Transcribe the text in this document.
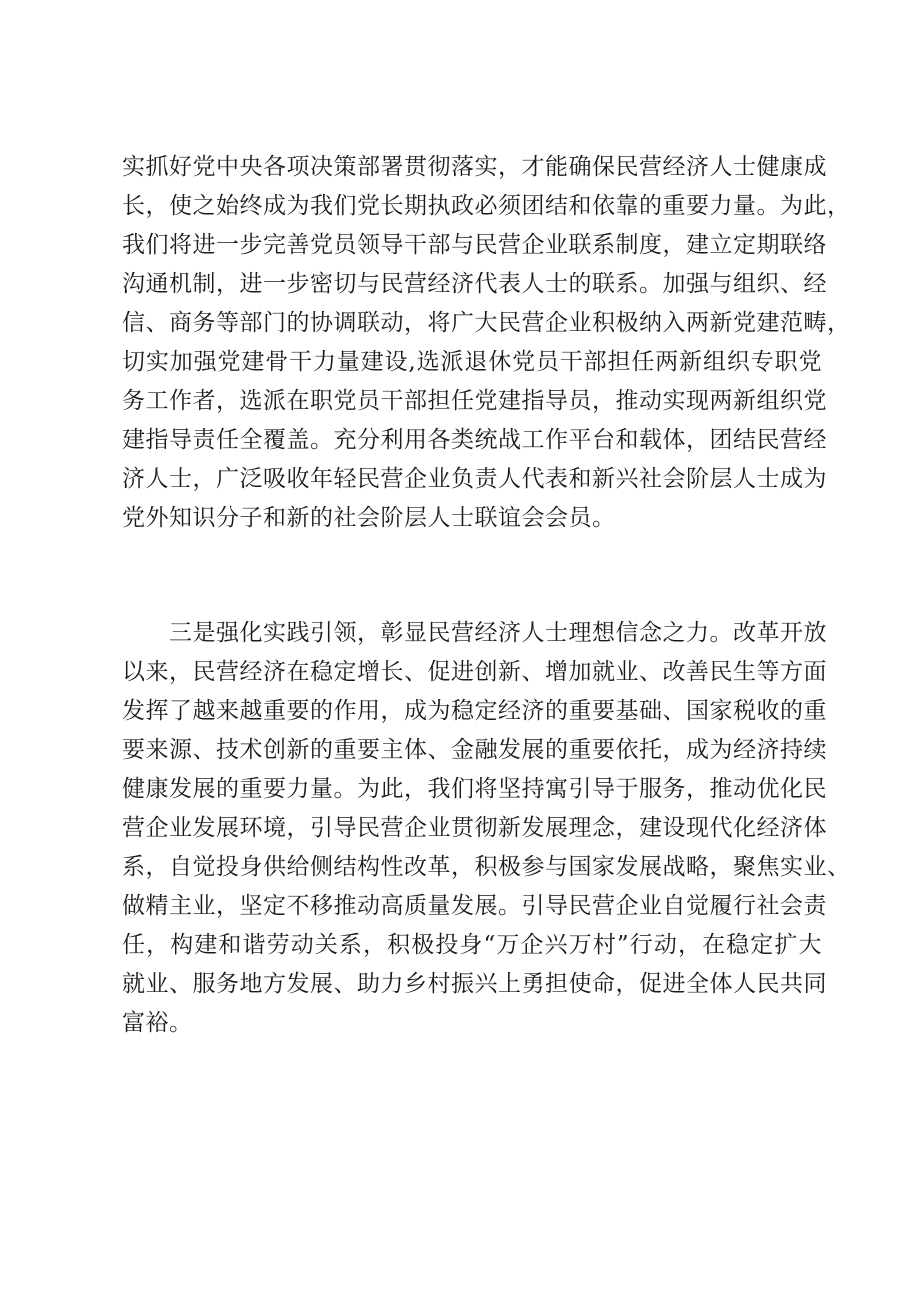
实抓好党中央各项决策部署贯彻落实，才能确保民营经济人士健康成
长，使之始终成为我们党长期执政必须团结和依靠的重要力量。为此，
我们将进一步完善党员领导干部与民营企业联系制度，建立定期联络
沟通机制，进一步密切与民营经济代表人士的联系。加强与组织、经
信、商务等部门的协调联动，将广大民营企业积极纳入两新党建范畴，
切实加强党建骨干力量建设,选派退休党员干部担任两新组织专职党
务工作者，选派在职党员干部担任党建指导员，推动实现两新组织党
建指导责任全覆盖。充分利用各类统战工作平台和载体，团结民营经
济人士，广泛吸收年轻民营企业负责人代表和新兴社会阶层人士成为
党外知识分子和新的社会阶层人士联谊会会员。
三是强化实践引领，彰显民营经济人士理想信念之力。改革开放
以来，民营经济在稳定增长、促进创新、增加就业、改善民生等方面
发挥了越来越重要的作用，成为稳定经济的重要基础、国家税收的重
要来源、技术创新的重要主体、金融发展的重要依托，成为经济持续
健康发展的重要力量。为此，我们将坚持寓引导于服务，推动优化民
营企业发展环境，引导民营企业贯彻新发展理念，建设现代化经济体
系，自觉投身供给侧结构性改革，积极参与国家发展战略，聚焦实业、
做精主业，坚定不移推动高质量发展。引导民营企业自觉履行社会责
任，构建和谐劳动关系，积极投身“万企兴万村”行动，在稳定扩大
就业、服务地方发展、助力乡村振兴上勇担使命，促进全体人民共同
富裕。
